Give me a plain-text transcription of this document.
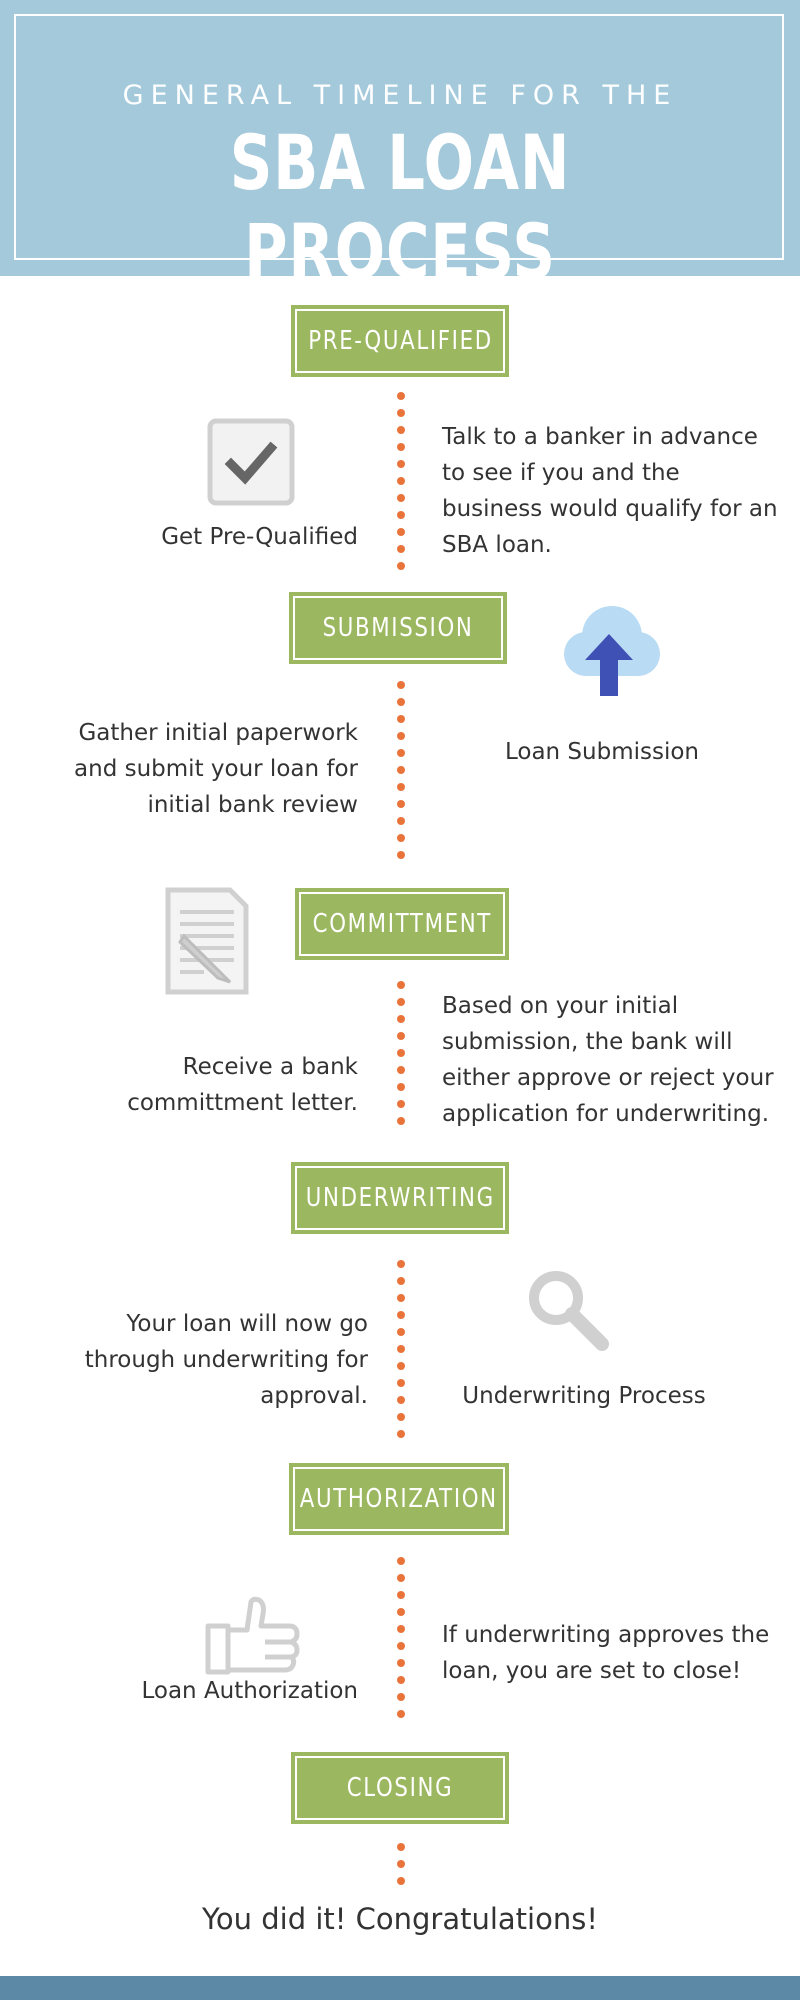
GENERAL TIMELINE FOR THE
SBA LOAN PROCESS
PRE-QUALIFIED
Get Pre-Qualified
Talk to a banker in advance to see if you and the business would qualify for an SBA loan.
SUBMISSION
Loan Submission
Gather initial paperwork and submit your loan for initial bank review
COMMITTMENT
Receive a bank committment letter.
Based on your initial submission, the bank will either approve or reject your application for underwriting.
UNDERWRITING
Underwriting Process
Your loan will now go through underwriting for approval.
AUTHORIZATION
Loan Authorization
If underwriting approves the loan, you are set to close!
CLOSING
You did it! Congratulations!
